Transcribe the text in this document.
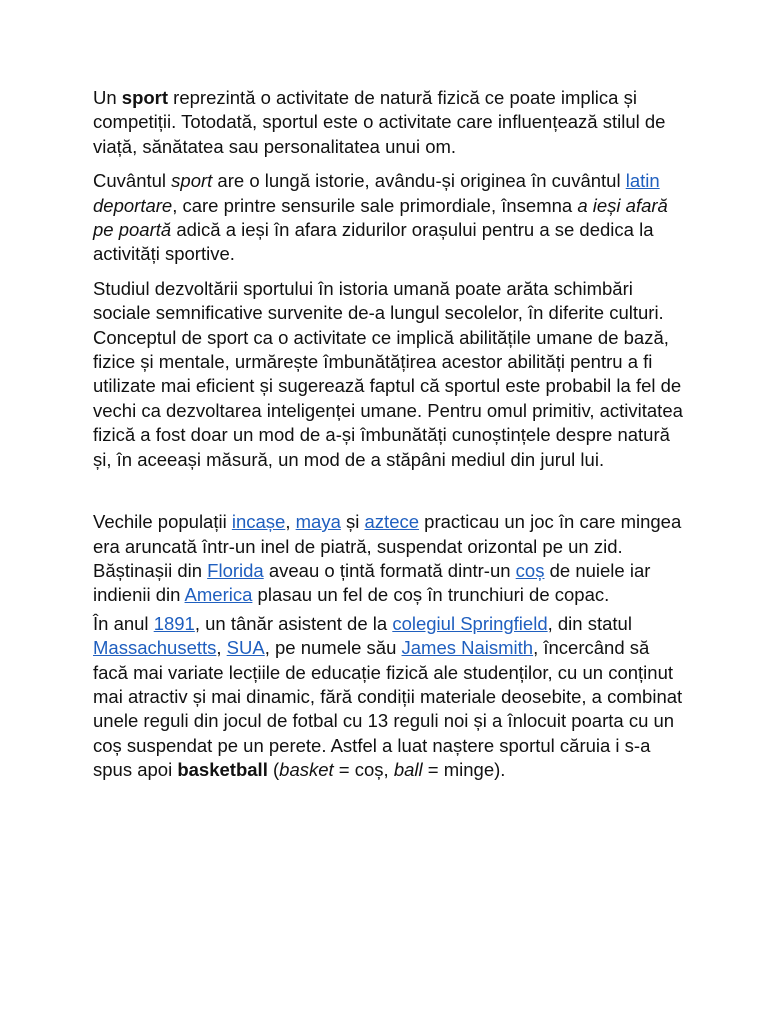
Un sport reprezintă o activitate de natură fizică ce poate implica și competiții. Totodată, sportul este o activitate care influențează stilul de viață, sănătatea sau personalitatea unui om.

Cuvântul sport are o lungă istorie, avându-și originea în cuvântul latin deportare, care printre sensurile sale primordiale, însemna a ieși afară pe poartă adică a ieși în afara zidurilor orașului pentru a se dedica la activități sportive.

Studiul dezvoltării sportului în istoria umană poate arăta schimbări sociale semnificative survenite de-a lungul secolelor, în diferite culturi. Conceptul de sport ca o activitate ce implică abilitățile umane de bază, fizice și mentale, urmărește îmbunătățirea acestor abilități pentru a fi utilizate mai eficient și sugerează faptul că sportul este probabil la fel de vechi ca dezvoltarea inteligenței umane. Pentru omul primitiv, activitatea fizică a fost doar un mod de a-și îmbunătăți cunoștințele despre natură și, în aceeași măsură, un mod de a stăpâni mediul din jurul lui.

Vechile populații incașe, maya și aztece practicau un joc în care mingea era aruncată într-un inel de piatră, suspendat orizontal pe un zid. Băștinașii din Florida aveau o țintă formată dintr-un coș de nuiele iar indienii din America plasau un fel de coș în trunchiuri de copac.

În anul 1891, un tânăr asistent de la colegiul Springfield, din statul Massachusetts, SUA, pe numele său James Naismith, încercând să facă mai variate lecțiile de educație fizică ale studenților, cu un conținut mai atractiv și mai dinamic, fără condiții materiale deosebite, a combinat unele reguli din jocul de fotbal cu 13 reguli noi și a înlocuit poarta cu un coș suspendat pe un perete. Astfel a luat naștere sportul căruia i s-a spus apoi basketball (basket = coș, ball = minge).
